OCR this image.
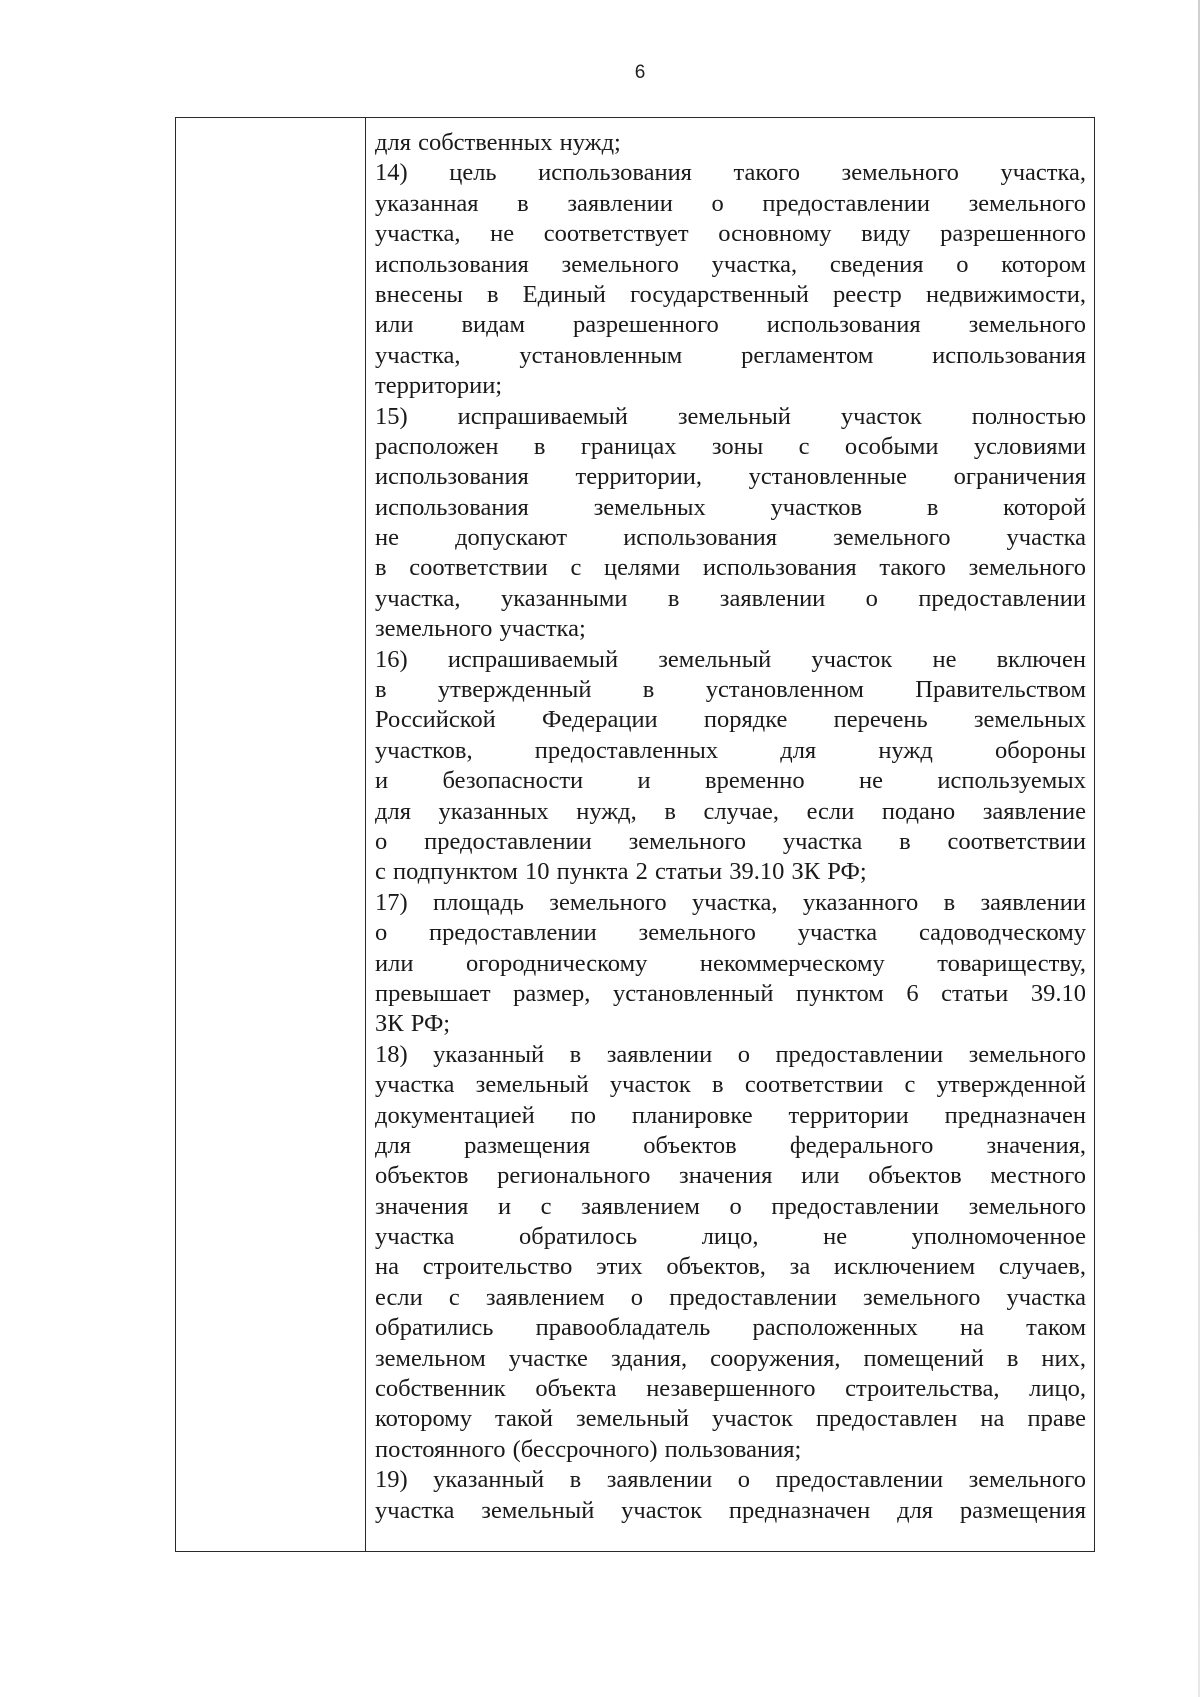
6
для собственных нужд;
14) цель использования такого земельного участка,
указанная в заявлении о предоставлении земельного
участка, не соответствует основному виду разрешенного
использования земельного участка, сведения о котором
внесены в Единый государственный реестр недвижимости,
или видам разрешенного использования земельного
участка, установленным регламентом использования
территории;
15) испрашиваемый земельный участок полностью
расположен в границах зоны с особыми условиями
использования территории, установленные ограничения
использования земельных участков в которой
не допускают использования земельного участка
в соответствии с целями использования такого земельного
участка, указанными в заявлении о предоставлении
земельного участка;
16) испрашиваемый земельный участок не включен
в утвержденный в установленном Правительством
Российской Федерации порядке перечень земельных
участков, предоставленных для нужд обороны
и безопасности и временно не используемых
для указанных нужд, в случае, если подано заявление
о предоставлении земельного участка в соответствии
с подпунктом 10 пункта 2 статьи 39.10 ЗК РФ;
17) площадь земельного участка, указанного в заявлении
о предоставлении земельного участка садоводческому
или огородническому некоммерческому товариществу,
превышает размер, установленный пунктом 6 статьи 39.10
ЗК РФ;
18) указанный в заявлении о предоставлении земельного
участка земельный участок в соответствии с утвержденной
документацией по планировке территории предназначен
для размещения объектов федерального значения,
объектов регионального значения или объектов местного
значения и с заявлением о предоставлении земельного
участка обратилось лицо, не уполномоченное
на строительство этих объектов, за исключением случаев,
если с заявлением о предоставлении земельного участка
обратились правообладатель расположенных на таком
земельном участке здания, сооружения, помещений в них,
собственник объекта незавершенного строительства, лицо,
которому такой земельный участок предоставлен на праве
постоянного (бессрочного) пользования;
19) указанный в заявлении о предоставлении земельного
участка земельный участок предназначен для размещения
